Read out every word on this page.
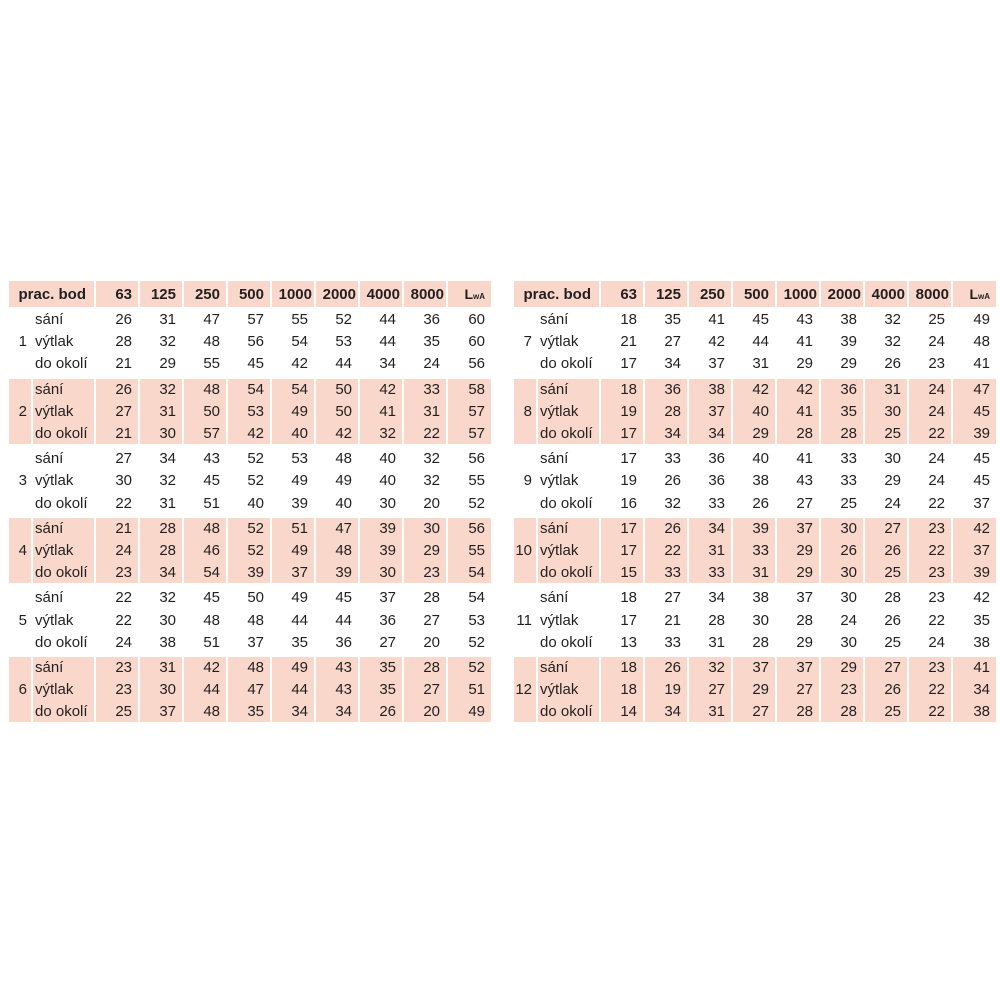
prac. bod		63	125	250	500	1000	2000	4000	8000	LwA
	sání	26	31	47	57	55	52	44	36	60
1	výtlak	28	32	48	56	54	53	44	35	60
	do okolí	21	29	55	45	42	44	34	24	56
	sání	26	32	48	54	54	50	42	33	58
2	výtlak	27	31	50	53	49	50	41	31	57
	do okolí	21	30	57	42	40	42	32	22	57
	sání	27	34	43	52	53	48	40	32	56
3	výtlak	30	32	45	52	49	49	40	32	55
	do okolí	22	31	51	40	39	40	30	20	52
	sání	21	28	48	52	51	47	39	30	56
4	výtlak	24	28	46	52	49	48	39	29	55
	do okolí	23	34	54	39	37	39	30	23	54
	sání	22	32	45	50	49	45	37	28	54
5	výtlak	22	30	48	48	44	44	36	27	53
	do okolí	24	38	51	37	35	36	27	20	52
	sání	23	31	42	48	49	43	35	28	52
6	výtlak	23	30	44	47	44	43	35	27	51
	do okolí	25	37	48	35	34	34	26	20	49
prac. bod		63	125	250	500	1000	2000	4000	8000	LwA
	sání	18	35	41	45	43	38	32	25	49
7	výtlak	21	27	42	44	41	39	32	24	48
	do okolí	17	34	37	31	29	29	26	23	41
	sání	18	36	38	42	42	36	31	24	47
8	výtlak	19	28	37	40	41	35	30	24	45
	do okolí	17	34	34	29	28	28	25	22	39
	sání	17	33	36	40	41	33	30	24	45
9	výtlak	19	26	36	38	43	33	29	24	45
	do okolí	16	32	33	26	27	25	24	22	37
	sání	17	26	34	39	37	30	27	23	42
10	výtlak	17	22	31	33	29	26	26	22	37
	do okolí	15	33	33	31	29	30	25	23	39
	sání	18	27	34	38	37	30	28	23	42
11	výtlak	17	21	28	30	28	24	26	22	35
	do okolí	13	33	31	28	29	30	25	24	38
	sání	18	26	32	37	37	29	27	23	41
12	výtlak	18	19	27	29	27	23	26	22	34
	do okolí	14	34	31	27	28	28	25	22	38
